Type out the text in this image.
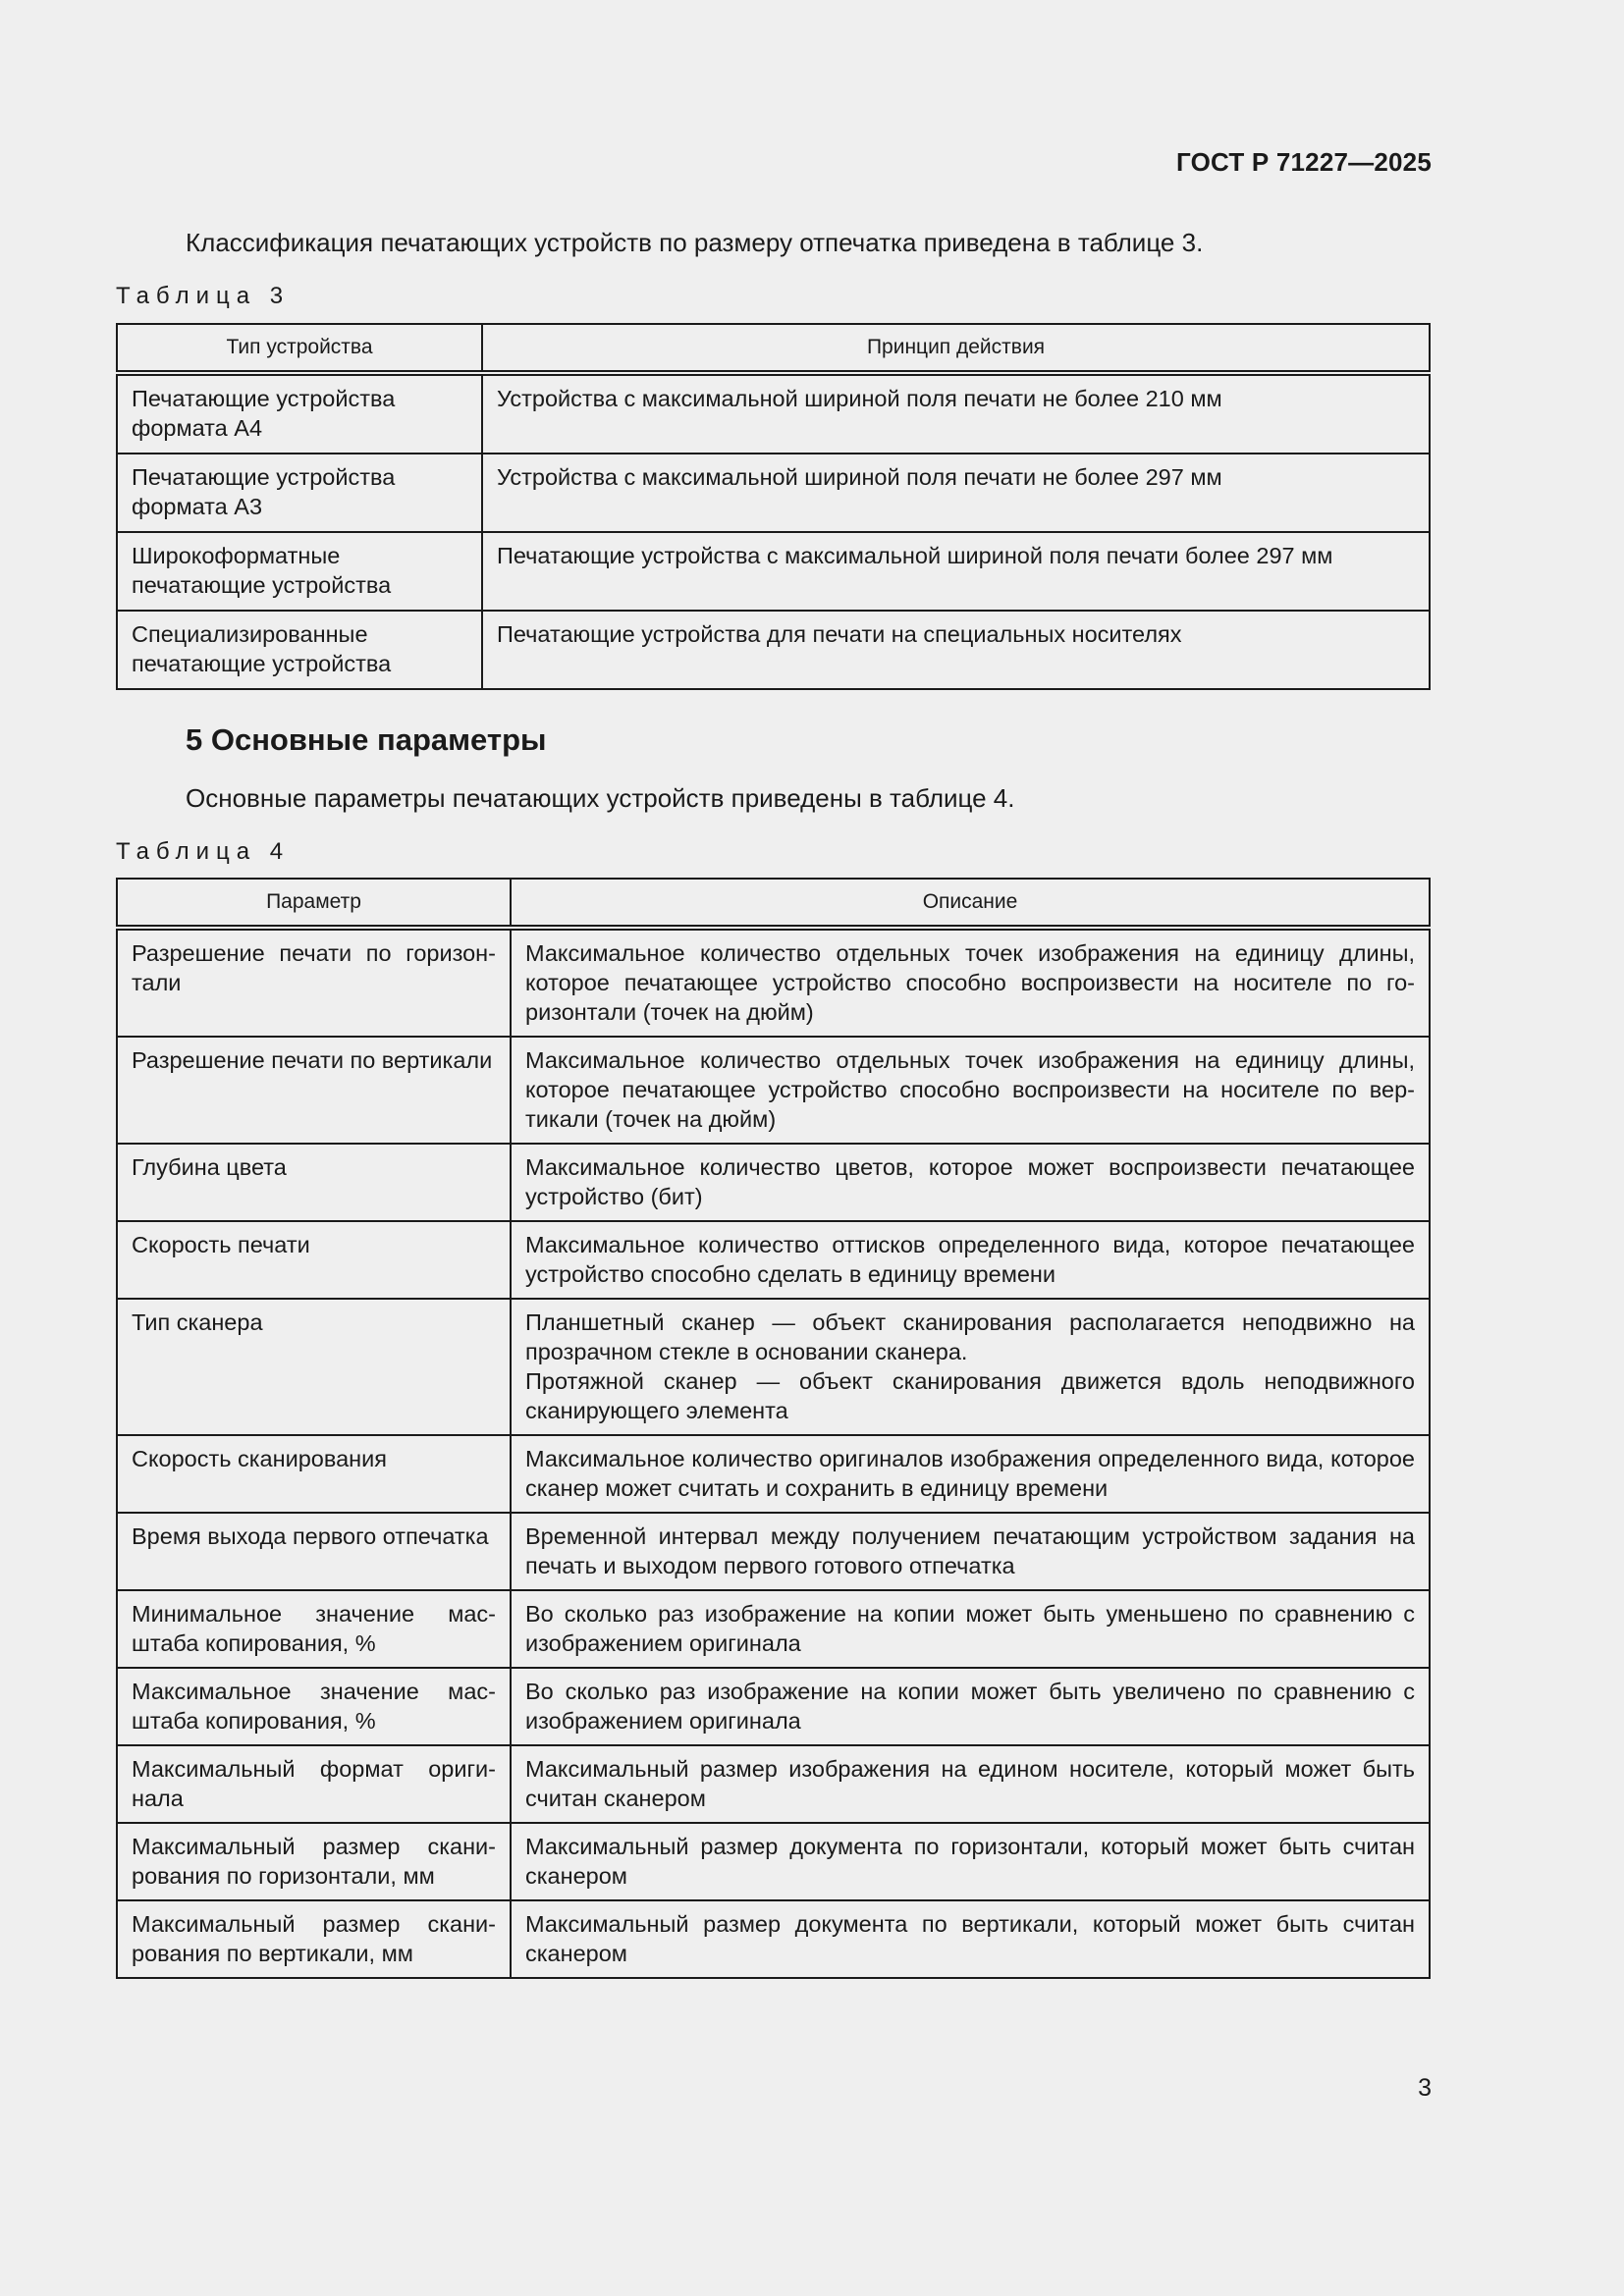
ГОСТ Р 71227—2025
Классификация печатающих устройств по размеру отпечатка приведена в таблице 3.
Таблица 3
Тип устройства	Принцип действия
Печатающие устройства формата А4	Устройства с максимальной шириной поля печати не более 210 мм
Печатающие устройства формата А3	Устройства с максимальной шириной поля печати не более 297 мм
Широкоформатные печатающие устройства	Печатающие устройства с максимальной шириной поля печати более 297 мм
Специализированные печатающие устройства	Печатающие устройства для печати на специальных носителях
5 Основные параметры
Основные параметры печатающих устройств приведены в таблице 4.
Таблица 4
Параметр	Описание
Разрешение печати по горизонтали	Максимальное количество отдельных точек изображения на единицу длины, которое печатающее устройство способно воспроизвести на носителе по горизонтали (точек на дюйм)
Разрешение печати по вертикали	Максимальное количество отдельных точек изображения на единицу длины, которое печатающее устройство способно воспроизвести на носителе по вертикали (точек на дюйм)
Глубина цвета	Максимальное количество цветов, которое может воспроизвести печатающее устройство (бит)
Скорость печати	Максимальное количество оттисков определенного вида, которое печатающее устройство способно сделать в единицу времени
Тип сканера	Планшетный сканер — объект сканирования располагается неподвижно на прозрачном стекле в основании сканера.
Протяжной сканер — объект сканирования движется вдоль неподвижного сканирующего элемента
Скорость сканирования	Максимальное количество оригиналов изображения определенного вида, которое сканер может считать и сохранить в единицу времени
Время выхода первого отпечатка	Временной интервал между получением печатающим устройством задания на печать и выходом первого готового отпечатка
Минимальное значение масштаба копирования, %	Во сколько раз изображение на копии может быть уменьшено по сравнению с изображением оригинала
Максимальное значение масштаба копирования, %	Во сколько раз изображение на копии может быть увеличено по сравнению с изображением оригинала
Максимальный формат оригинала	Максимальный размер изображения на едином носителе, который может быть считан сканером
Максимальный размер сканирования по горизонтали, мм	Максимальный размер документа по горизонтали, который может быть считан сканером
Максимальный размер сканирования по вертикали, мм	Максимальный размер документа по вертикали, который может быть считан сканером
3
